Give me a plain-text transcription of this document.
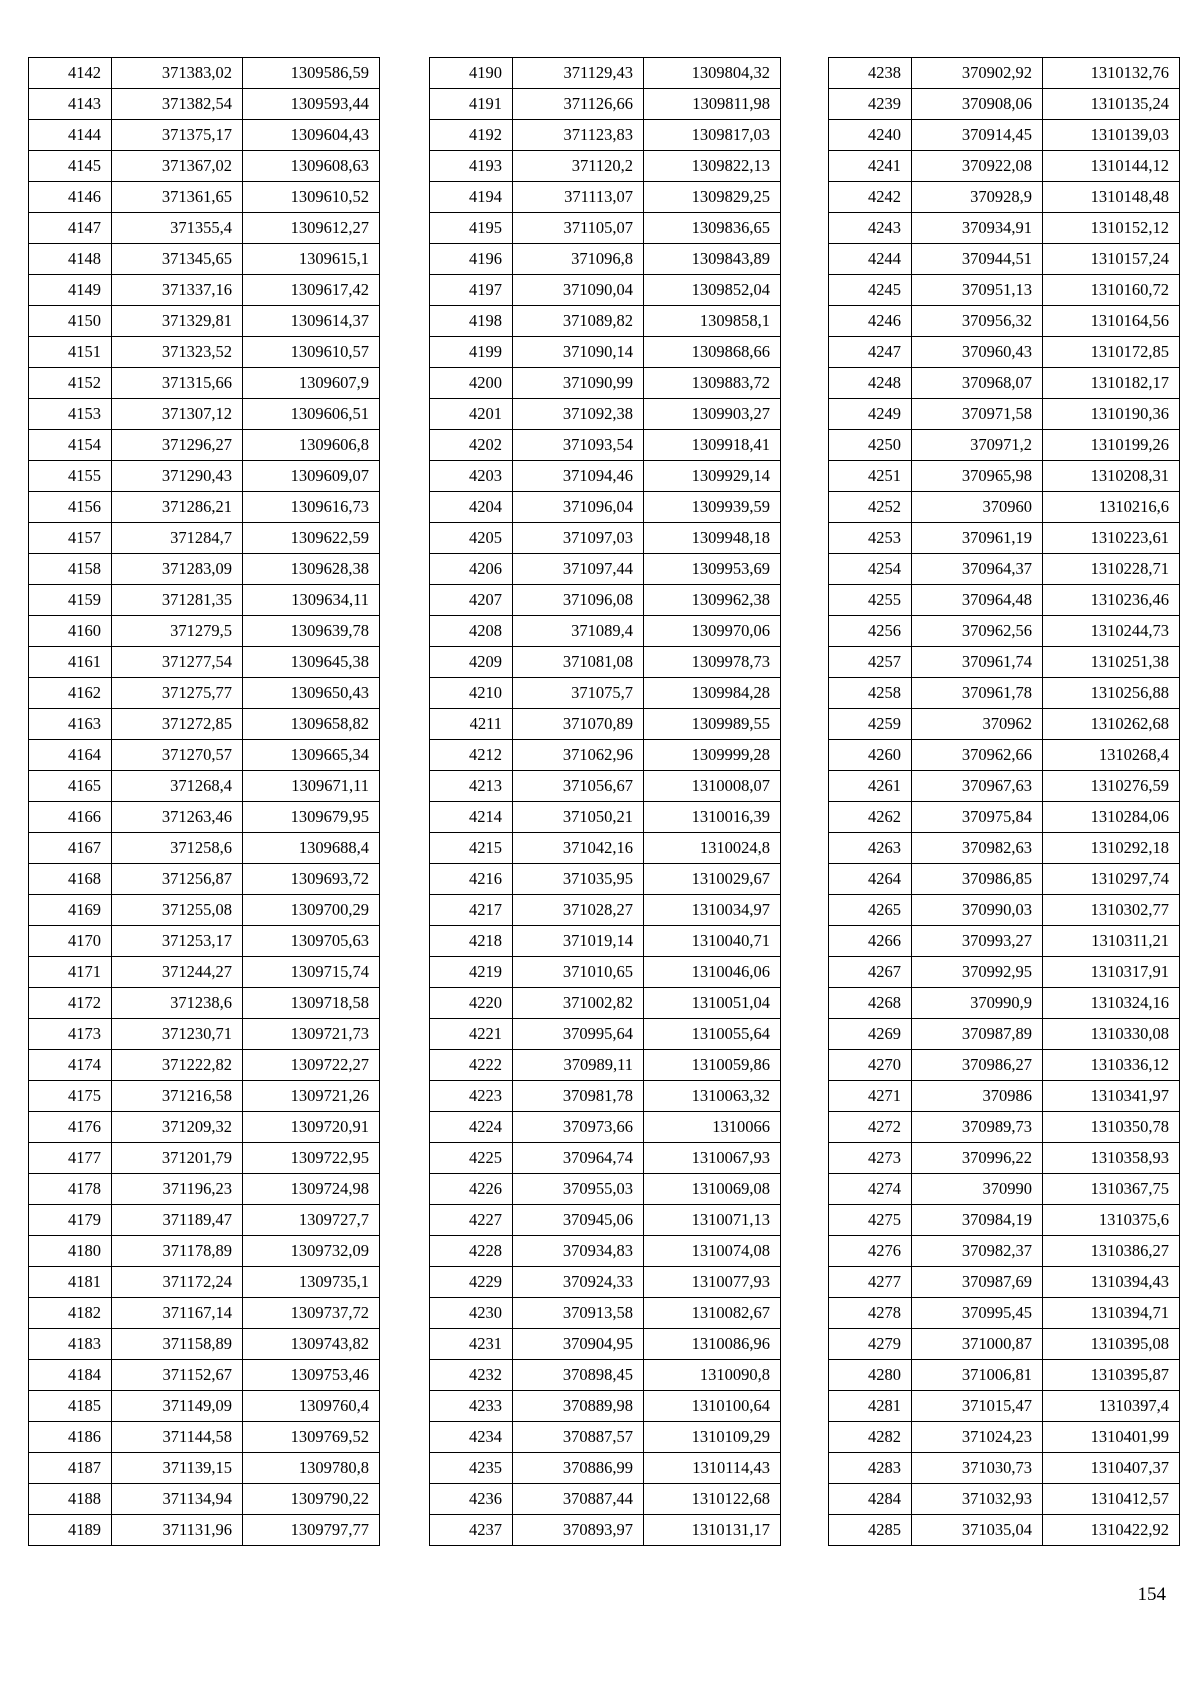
4142	371383,02	1309586,59
4143	371382,54	1309593,44
4144	371375,17	1309604,43
4145	371367,02	1309608,63
4146	371361,65	1309610,52
4147	371355,4	1309612,27
4148	371345,65	1309615,1
4149	371337,16	1309617,42
4150	371329,81	1309614,37
4151	371323,52	1309610,57
4152	371315,66	1309607,9
4153	371307,12	1309606,51
4154	371296,27	1309606,8
4155	371290,43	1309609,07
4156	371286,21	1309616,73
4157	371284,7	1309622,59
4158	371283,09	1309628,38
4159	371281,35	1309634,11
4160	371279,5	1309639,78
4161	371277,54	1309645,38
4162	371275,77	1309650,43
4163	371272,85	1309658,82
4164	371270,57	1309665,34
4165	371268,4	1309671,11
4166	371263,46	1309679,95
4167	371258,6	1309688,4
4168	371256,87	1309693,72
4169	371255,08	1309700,29
4170	371253,17	1309705,63
4171	371244,27	1309715,74
4172	371238,6	1309718,58
4173	371230,71	1309721,73
4174	371222,82	1309722,27
4175	371216,58	1309721,26
4176	371209,32	1309720,91
4177	371201,79	1309722,95
4178	371196,23	1309724,98
4179	371189,47	1309727,7
4180	371178,89	1309732,09
4181	371172,24	1309735,1
4182	371167,14	1309737,72
4183	371158,89	1309743,82
4184	371152,67	1309753,46
4185	371149,09	1309760,4
4186	371144,58	1309769,52
4187	371139,15	1309780,8
4188	371134,94	1309790,22
4189	371131,96	1309797,77
4190	371129,43	1309804,32
4191	371126,66	1309811,98
4192	371123,83	1309817,03
4193	371120,2	1309822,13
4194	371113,07	1309829,25
4195	371105,07	1309836,65
4196	371096,8	1309843,89
4197	371090,04	1309852,04
4198	371089,82	1309858,1
4199	371090,14	1309868,66
4200	371090,99	1309883,72
4201	371092,38	1309903,27
4202	371093,54	1309918,41
4203	371094,46	1309929,14
4204	371096,04	1309939,59
4205	371097,03	1309948,18
4206	371097,44	1309953,69
4207	371096,08	1309962,38
4208	371089,4	1309970,06
4209	371081,08	1309978,73
4210	371075,7	1309984,28
4211	371070,89	1309989,55
4212	371062,96	1309999,28
4213	371056,67	1310008,07
4214	371050,21	1310016,39
4215	371042,16	1310024,8
4216	371035,95	1310029,67
4217	371028,27	1310034,97
4218	371019,14	1310040,71
4219	371010,65	1310046,06
4220	371002,82	1310051,04
4221	370995,64	1310055,64
4222	370989,11	1310059,86
4223	370981,78	1310063,32
4224	370973,66	1310066
4225	370964,74	1310067,93
4226	370955,03	1310069,08
4227	370945,06	1310071,13
4228	370934,83	1310074,08
4229	370924,33	1310077,93
4230	370913,58	1310082,67
4231	370904,95	1310086,96
4232	370898,45	1310090,8
4233	370889,98	1310100,64
4234	370887,57	1310109,29
4235	370886,99	1310114,43
4236	370887,44	1310122,68
4237	370893,97	1310131,17
4238	370902,92	1310132,76
4239	370908,06	1310135,24
4240	370914,45	1310139,03
4241	370922,08	1310144,12
4242	370928,9	1310148,48
4243	370934,91	1310152,12
4244	370944,51	1310157,24
4245	370951,13	1310160,72
4246	370956,32	1310164,56
4247	370960,43	1310172,85
4248	370968,07	1310182,17
4249	370971,58	1310190,36
4250	370971,2	1310199,26
4251	370965,98	1310208,31
4252	370960	1310216,6
4253	370961,19	1310223,61
4254	370964,37	1310228,71
4255	370964,48	1310236,46
4256	370962,56	1310244,73
4257	370961,74	1310251,38
4258	370961,78	1310256,88
4259	370962	1310262,68
4260	370962,66	1310268,4
4261	370967,63	1310276,59
4262	370975,84	1310284,06
4263	370982,63	1310292,18
4264	370986,85	1310297,74
4265	370990,03	1310302,77
4266	370993,27	1310311,21
4267	370992,95	1310317,91
4268	370990,9	1310324,16
4269	370987,89	1310330,08
4270	370986,27	1310336,12
4271	370986	1310341,97
4272	370989,73	1310350,78
4273	370996,22	1310358,93
4274	370990	1310367,75
4275	370984,19	1310375,6
4276	370982,37	1310386,27
4277	370987,69	1310394,43
4278	370995,45	1310394,71
4279	371000,87	1310395,08
4280	371006,81	1310395,87
4281	371015,47	1310397,4
4282	371024,23	1310401,99
4283	371030,73	1310407,37
4284	371032,93	1310412,57
4285	371035,04	1310422,92
154
